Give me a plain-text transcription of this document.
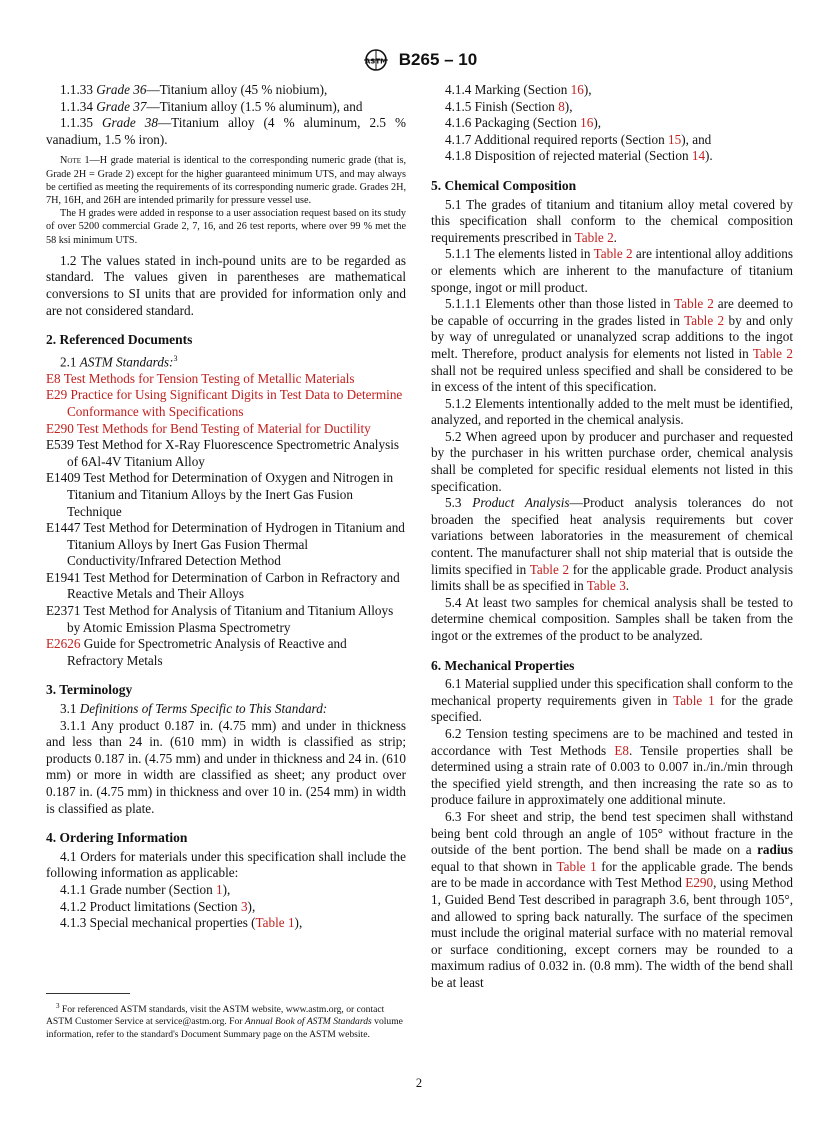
ASTM B265 – 10

1.1.33 Grade 36—Titanium alloy (45 % niobium),

1.1.34 Grade 37—Titanium alloy (1.5 % aluminum), and

1.1.35 Grade 38—Titanium alloy (4 % aluminum, 2.5 % vanadium, 1.5 % iron).

Note 1—H grade material is identical to the corresponding numeric grade (that is, Grade 2H = Grade 2) except for the higher guaranteed minimum UTS, and may always be certified as meeting the requirements of its corresponding numeric grade. Grades 2H, 7H, 16H, and 26H are intended primarily for pressure vessel use.

The H grades were added in response to a user association request based on its study of over 5200 commercial Grade 2, 7, 16, and 26 test reports, where over 99 % met the 58 ksi minimum UTS.

1.2 The values stated in inch-pound units are to be regarded as standard. The values given in parentheses are mathematical conversions to SI units that are provided for information only and are not considered standard.

2. Referenced Documents

2.1 ASTM Standards:$^3$

E8 Test Methods for Tension Testing of Metallic Materials

E29 Practice for Using Significant Digits in Test Data to Determine Conformance with Specifications

E290 Test Methods for Bend Testing of Material for Ductility

E539 Test Method for X-Ray Fluorescence Spectrometric Analysis of 6Al-4V Titanium Alloy

E1409 Test Method for Determination of Oxygen and Nitrogen in Titanium and Titanium Alloys by the Inert Gas Fusion Technique

E1447 Test Method for Determination of Hydrogen in Titanium and Titanium Alloys by Inert Gas Fusion Thermal Conductivity/Infrared Detection Method

E1941 Test Method for Determination of Carbon in Refractory and Reactive Metals and Their Alloys

E2371 Test Method for Analysis of Titanium and Titanium Alloys by Atomic Emission Plasma Spectrometry

E2626 Guide for Spectrometric Analysis of Reactive and Refractory Metals

3. Terminology

3.1 Definitions of Terms Specific to This Standard:

3.1.1 Any product 0.187 in. (4.75 mm) and under in thickness and less than 24 in. (610 mm) in width is classified as strip; products 0.187 in. (4.75 mm) and under in thickness and 24 in. (610 mm) or more in width are classified as sheet; any product over 0.187 in. (4.75 mm) in thickness and over 10 in. (254 mm) in width is classified as plate.

4. Ordering Information

4.1 Orders for materials under this specification shall include the following information as applicable:

4.1.1 Grade number (Section 1),

4.1.2 Product limitations (Section 3),

4.1.3 Special mechanical properties (Table 1),

$^3$ For referenced ASTM standards, visit the ASTM website, www.astm.org, or contact ASTM Customer Service at service@astm.org. For Annual Book of ASTM Standards volume information, refer to the standard's Document Summary page on the ASTM website.

4.1.4 Marking (Section 16),

4.1.5 Finish (Section 8),

4.1.6 Packaging (Section 16),

4.1.7 Additional required reports (Section 15), and

4.1.8 Disposition of rejected material (Section 14).

5. Chemical Composition

5.1 The grades of titanium and titanium alloy metal covered by this specification shall conform to the chemical composition requirements prescribed in Table 2.

5.1.1 The elements listed in Table 2 are intentional alloy additions or elements which are inherent to the manufacture of titanium sponge, ingot or mill product.

5.1.1.1 Elements other than those listed in Table 2 are deemed to be capable of occurring in the grades listed in Table 2 by and only by way of unregulated or unanalyzed scrap additions to the ingot melt. Therefore, product analysis for elements not listed in Table 2 shall not be required unless specified and shall be considered to be in excess of the intent of this specification.

5.1.2 Elements intentionally added to the melt must be identified, analyzed, and reported in the chemical analysis.

5.2 When agreed upon by producer and purchaser and requested by the purchaser in his written purchase order, chemical analysis shall be completed for specific residual elements not listed in this specification.

5.3 Product Analysis—Product analysis tolerances do not broaden the specified heat analysis requirements but cover variations between laboratories in the measurement of chemical content. The manufacturer shall not ship material that is outside the limits specified in Table 2 for the applicable grade. Product analysis limits shall be as specified in Table 3.

5.4 At least two samples for chemical analysis shall be tested to determine chemical composition. Samples shall be taken from the ingot or the extremes of the product to be analyzed.

6. Mechanical Properties

6.1 Material supplied under this specification shall conform to the mechanical property requirements given in Table 1 for the grade specified.

6.2 Tension testing specimens are to be machined and tested in accordance with Test Methods E8. Tensile properties shall be determined using a strain rate of 0.003 to 0.007 in./in./min through the specified yield strength, and then increasing the rate so as to produce failure in approximately one additional minute.

6.3 For sheet and strip, the bend test specimen shall withstand being bent cold through an angle of 105° without fracture in the outside of the bent portion. The bend shall be made on a radius equal to that shown in Table 1 for the applicable grade. The bends are to be made in accordance with Test Method E290, using Method 1, Guided Bend Test described in paragraph 3.6, bent through 105°, and allowed to spring back naturally. The surface of the specimen must include the original material surface with no material removal or surface conditioning, except corners may be rounded to a maximum radius of 0.032 in. (0.8 mm). The width of the bend shall be at least

2
